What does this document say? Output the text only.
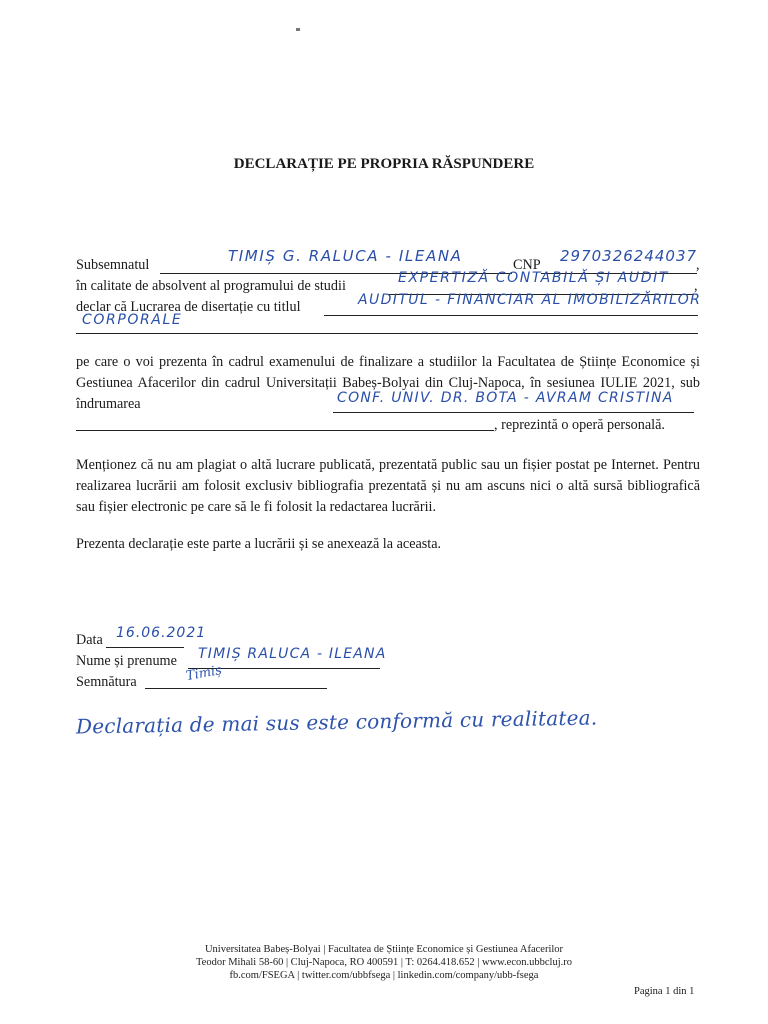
DECLARAȚIE PE PROPRIA RĂSPUNDERE
Subsemnatul	TIMIȘ G. RALUCA - ILEANA	CNP 2970326244037
,
în calitate de absolvent al programului de studii	EXPERTIZĂ CONTABILĂ ȘI AUDIT ,
declar că Lucrarea de disertație cu titlul	AUDITUL - FINANCIAR AL IMOBILIZĂRILOR
CORPORALE
pe care o voi prezenta în cadrul examenului de finalizare a studiilor la Facultatea de Științe Economice și Gestiunea Afacerilor din cadrul Universitații Babeș-Bolyai din Cluj-Napoca, în sesiunea IULIE 2021, sub îndrumarea	CONF. UNIV. DR. BOTA - AVRAM CRISTINA
, reprezintă o operă personală.
Menționez că nu am plagiat o altă lucrare publicată, prezentată public sau un fișier postat pe Internet. Pentru realizarea lucrării am folosit exclusiv bibliografia prezentată și nu am ascuns nici o altă sursă bibliografică sau fișier electronic pe care să le fi folosit la redactarea lucrării.
Prezenta declarație este parte a lucrării și se anexează la aceasta.
Data 16.06.2021
Nume și prenume TIMIȘ RALUCA - ILEANA
Semnătura	Timiș
Declarația de mai sus este conformă cu realitatea.
Universitatea Babeș-Bolyai | Facultatea de Științe Economice și Gestiunea Afacerilor
Teodor Mihali 58-60 | Cluj-Napoca, RO 400591 | T: 0264.418.652 | www.econ.ubbcluj.ro
fb.com/FSEGA | twitter.com/ubbfsega | linkedin.com/company/ubb-fsega
Pagina 1 din 1
